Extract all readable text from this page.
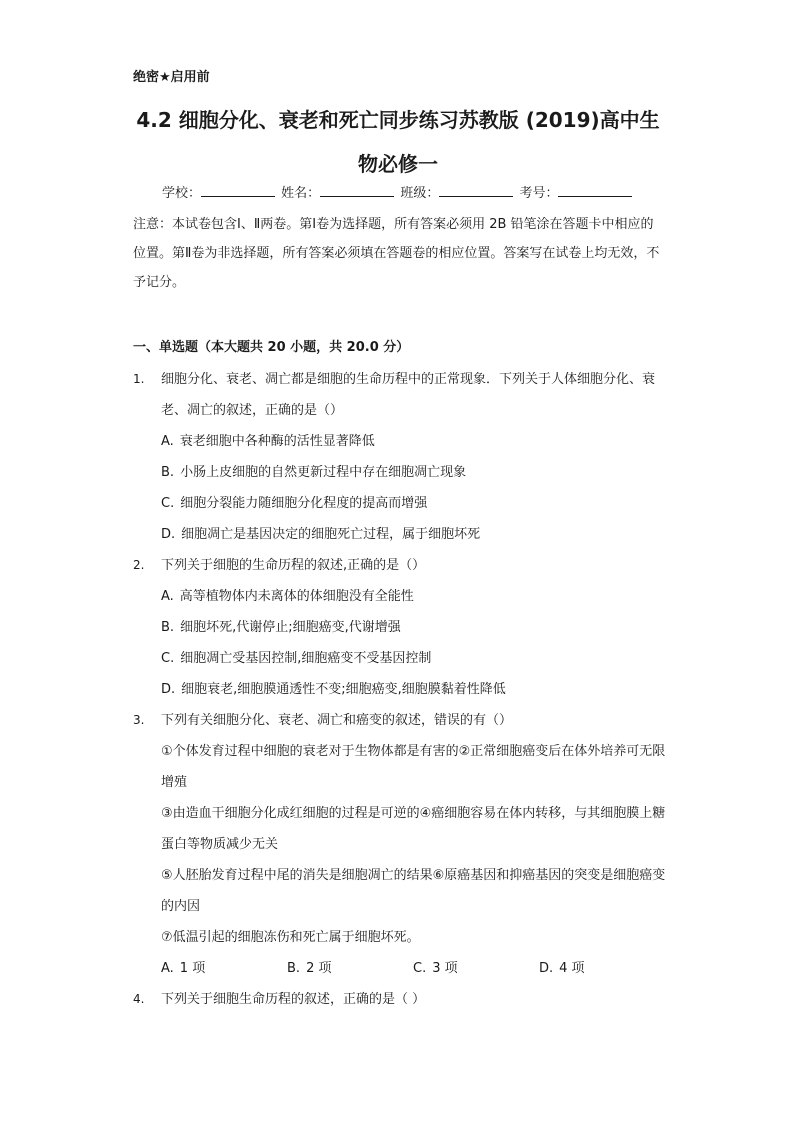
绝密★启用前
4.2 细胞分化、衰老和死亡同步练习苏教版 (2019)高中生物必修一
学校：	姓名：	班级：	考号：
注意：本试卷包含Ⅰ、Ⅱ两卷。第Ⅰ卷为选择题，所有答案必须用 2B 铅笔涂在答题卡中相应的位置。第Ⅱ卷为非选择题，所有答案必须填在答题卷的相应位置。答案写在试卷上均无效，不予记分。
一、单选题（本大题共 20 小题，共 20.0 分）
1. 细胞分化、衰老、凋亡都是细胞的生命历程中的正常现象．下列关于人体细胞分化、衰老、凋亡的叙述，正确的是（）
A. 衰老细胞中各种酶的活性显著降低
B. 小肠上皮细胞的自然更新过程中存在细胞凋亡现象
C. 细胞分裂能力随细胞分化程度的提高而增强
D. 细胞凋亡是基因决定的细胞死亡过程，属于细胞坏死
2. 下列关于细胞的生命历程的叙述,正确的是（）
A. 高等植物体内未离体的体细胞没有全能性
B. 细胞坏死,代谢停止;细胞癌变,代谢增强
C. 细胞凋亡受基因控制,细胞癌变不受基因控制
D. 细胞衰老,细胞膜通透性不变;细胞癌变,细胞膜黏着性降低
3. 下列有关细胞分化、衰老、凋亡和癌变的叙述，错误的有（）
①个体发育过程中细胞的衰老对于生物体都是有害的②正常细胞癌变后在体外培养可无限增殖
③由造血干细胞分化成红细胞的过程是可逆的④癌细胞容易在体内转移，与其细胞膜上糖蛋白等物质减少无关
⑤人胚胎发育过程中尾的消失是细胞凋亡的结果⑥原癌基因和抑癌基因的突变是细胞癌变的内因
⑦低温引起的细胞冻伤和死亡属于细胞坏死。
A. 1 项	B. 2 项	C. 3 项	D. 4 项
4. 下列关于细胞生命历程的叙述，正确的是（ ）
